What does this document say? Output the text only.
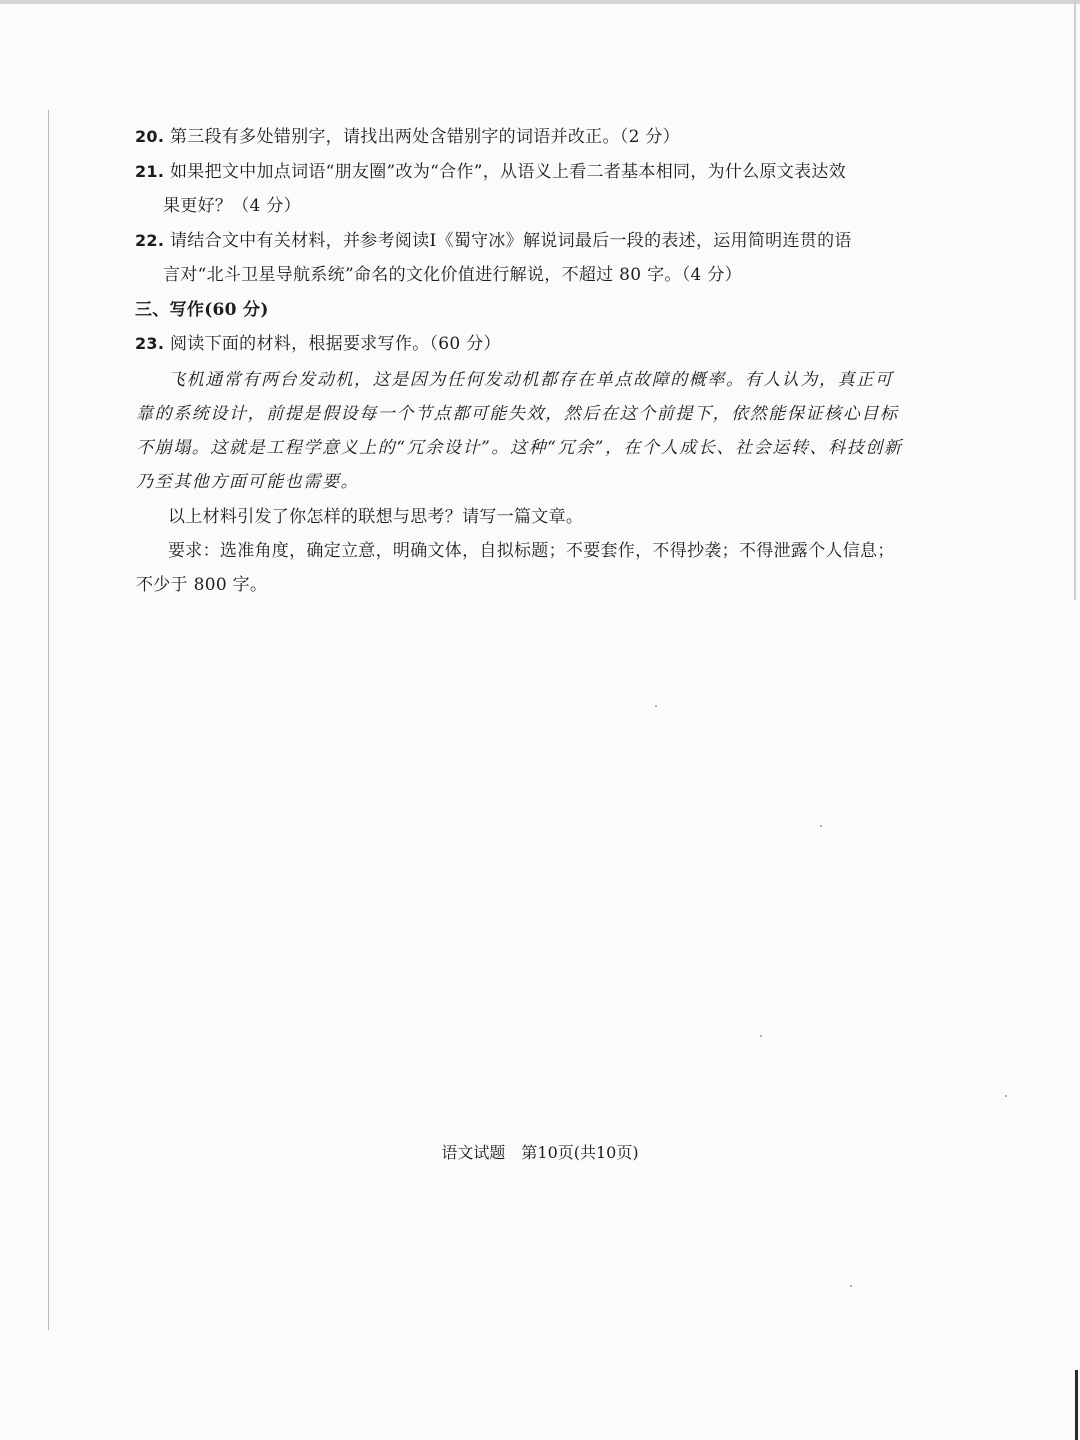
20. 第三段有多处错别字，请找出两处含错别字的词语并改正。（2 分）
21. 如果把文中加点词语“朋友圈”改为“合作”，从语义上看二者基本相同，为什么原文表达效
果更好？（4 分）
22. 请结合文中有关材料，并参考阅读Ⅰ《蜀守冰》解说词最后一段的表述，运用简明连贯的语
言对“北斗卫星导航系统”命名的文化价值进行解说，不超过 80 字。（4 分）
三、写作(60 分)
23. 阅读下面的材料，根据要求写作。（60 分）
飞机通常有两台发动机，这是因为任何发动机都存在单点故障的概率。有人认为，真正可
靠的系统设计，前提是假设每一个节点都可能失效，然后在这个前提下，依然能保证核心目标
不崩塌。这就是工程学意义上的“冗余设计”。这种“冗余”，在个人成长、社会运转、科技创新
乃至其他方面可能也需要。
以上材料引发了你怎样的联想与思考？请写一篇文章。
要求：选准角度，确定立意，明确文体，自拟标题；不要套作，不得抄袭；不得泄露个人信息；
不少于 800 字。
语文试题　第10页(共10页)
